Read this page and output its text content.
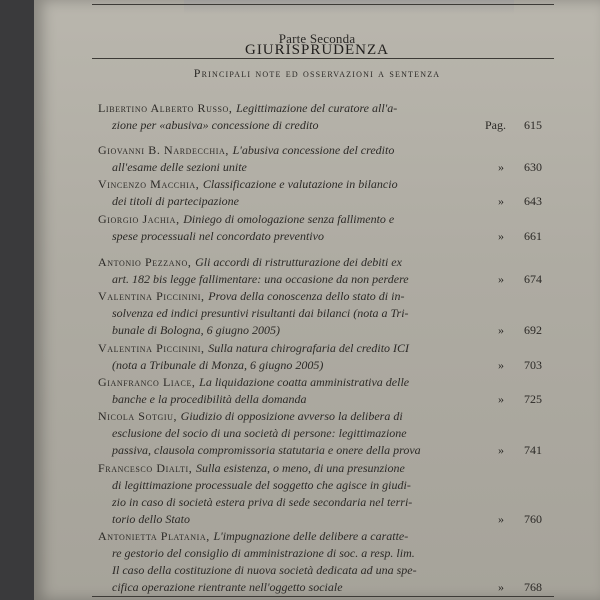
Parte Seconda
GIURISPRUDENZA
Principali note ed osservazioni a sentenza
Libertino Alberto Russo, Legittimazione del curatore all'a-
zione per «abusiva» concessione di credito	Pag. 615
Giovanni B. Nardecchia, L'abusiva concessione del credito
all'esame delle sezioni unite	» 630
Vincenzo Macchia, Classificazione e valutazione in bilancio
dei titoli di partecipazione	» 643
Giorgio Jachia, Diniego di omologazione senza fallimento e
spese processuali nel concordato preventivo	» 661
Antonio Pezzano, Gli accordi di ristrutturazione dei debiti ex
art. 182 bis legge fallimentare: una occasione da non perdere	» 674
Valentina Piccinini, Prova della conoscenza dello stato di in-
solvenza ed indici presuntivi risultanti dai bilanci (nota a Tri-
bunale di Bologna, 6 giugno 2005)	» 692
Valentina Piccinini, Sulla natura chirografaria del credito ICI
(nota a Tribunale di Monza, 6 giugno 2005)	» 703
Gianfranco Liace, La liquidazione coatta amministrativa delle
banche e la procedibilità della domanda	» 725
Nicola Sotgiu, Giudizio di opposizione avverso la delibera di
esclusione del socio di una società di persone: legittimazione
passiva, clausola compromissoria statutaria e onere della prova	» 741
Francesco Dialti, Sulla esistenza, o meno, di una presunzione
di legittimazione processuale del soggetto che agisce in giudi-
zio in caso di società estera priva di sede secondaria nel terri-
torio dello Stato	» 760
Antonietta Platania, L'impugnazione delle delibere a caratte-
re gestorio del consiglio di amministrazione di soc. a resp. lim.
Il caso della costituzione di nuova società dedicata ad una spe-
cifica operazione rientrante nell'oggetto sociale	» 768
